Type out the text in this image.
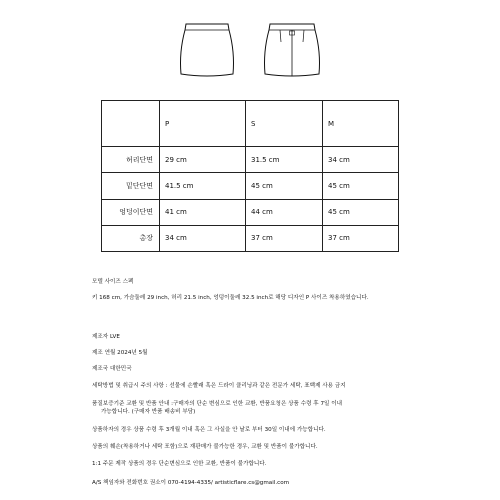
	P	S	M
허리단면	29 cm	31.5 cm	34 cm
밑단단면	41.5 cm	45 cm	45 cm
엉덩이단면	41 cm	44 cm	45 cm
총장	34 cm	37 cm	37 cm
모델 사이즈 스펙
키 168 cm, 가슴둘레 29 inch, 허리 21.5 inch, 엉덩이둘레 32.5 inch로 해당 디자인 P 사이즈 착용하였습니다.
제조자 LVE
제조 연월 2024년 5월
제조국 대한민국
세탁방법 및 취급시 주의 사항 : 선물에 손빨래 혹은 드라이 클리닝과 같은 전문가 세탁, 표백제 사용 금지
품질보증기준 교환 및 반품 안내 :구매자의 단순 변심으로 인한 교환, 반품요청은 상품 수령 후 7일 이내
가능합니다. (구매자 반품 배송비 부담)
상품하자의 경우 상품 수령 후 3개월 이내 혹은 그 사실을 안 날로 부터 30일 이내에 가능합니다.
상품의 훼손(착용하거나 세탁 포함)으로 재판매가 불가능한 경우, 교환 및 반품이 불가합니다.
1:1 주문 제작 상품의 경우 단순변심으로 인한 교환, 반품이 불가합니다.
A/S 책임자와 전화번호 권소이 070-4194-4335/ artisticflare.cs@gmail.com
